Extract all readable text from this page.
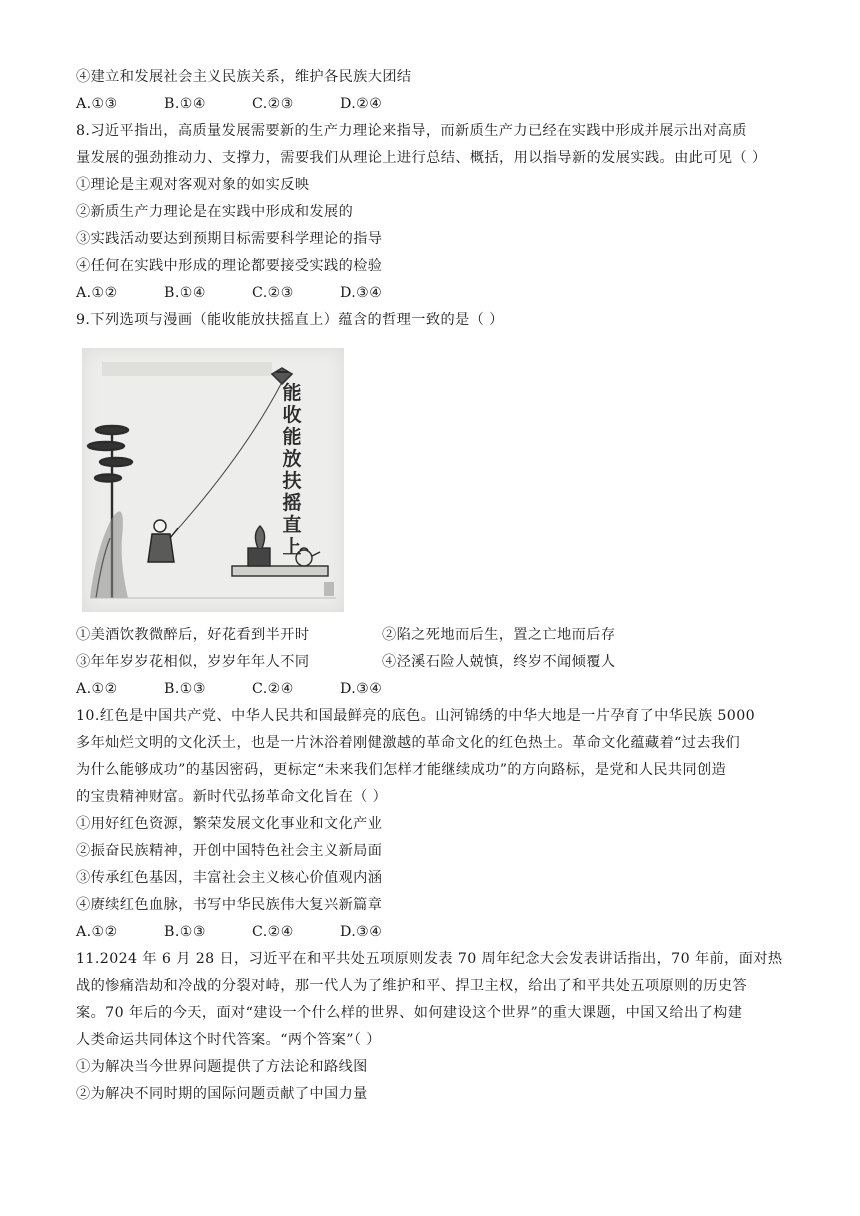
④建立和发展社会主义民族关系，维护各民族大团结
A.①③	B.①④	C.②③	D.②④
8.习近平指出，高质量发展需要新的生产力理论来指导，而新质生产力已经在实践中形成并展示出对高质
量发展的强劲推动力、支撑力，需要我们从理论上进行总结、概括，用以指导新的发展实践。由此可见（ ）
①理论是主观对客观对象的如实反映
②新质生产力理论是在实践中形成和发展的
③实践活动要达到预期目标需要科学理论的指导
④任何在实践中形成的理论都要接受实践的检验
A.①②	B.①④	C.②③	D.③④
9.下列选项与漫画（能收能放扶摇直上）蕴含的哲理一致的是（ ）
能
收
能
放
扶
摇
直
上
①美酒饮教微醉后，好花看到半开时	②陷之死地而后生，置之亡地而后存
③年年岁岁花相似，岁岁年年人不同	④泾溪石险人兢慎，终岁不闻倾覆人
A.①②	B.①③	C.②④	D.③④
10.红色是中国共产党、中华人民共和国最鲜亮的底色。山河锦绣的中华大地是一片孕育了中华民族 5000
多年灿烂文明的文化沃土，也是一片沐浴着刚健激越的革命文化的红色热土。革命文化蕴藏着“过去我们
为什么能够成功”的基因密码，更标定“未来我们怎样才能继续成功”的方向路标，是党和人民共同创造
的宝贵精神财富。新时代弘扬革命文化旨在（ ）
①用好红色资源，繁荣发展文化事业和文化产业
②振奋民族精神，开创中国特色社会主义新局面
③传承红色基因，丰富社会主义核心价值观内涵
④赓续红色血脉，书写中华民族伟大复兴新篇章
A.①②	B.①③	C.②④	D.③④
11.2024 年 6 月 28 日，习近平在和平共处五项原则发表 70 周年纪念大会发表讲话指出，70 年前，面对热
战的惨痛浩劫和冷战的分裂对峙，那一代人为了维护和平、捍卫主权，给出了和平共处五项原则的历史答
案。70 年后的今天，面对“建设一个什么样的世界、如何建设这个世界”的重大课题，中国又给出了构建
人类命运共同体这个时代答案。“两个答案”（ ）
①为解决当今世界问题提供了方法论和路线图
②为解决不同时期的国际问题贡献了中国力量
